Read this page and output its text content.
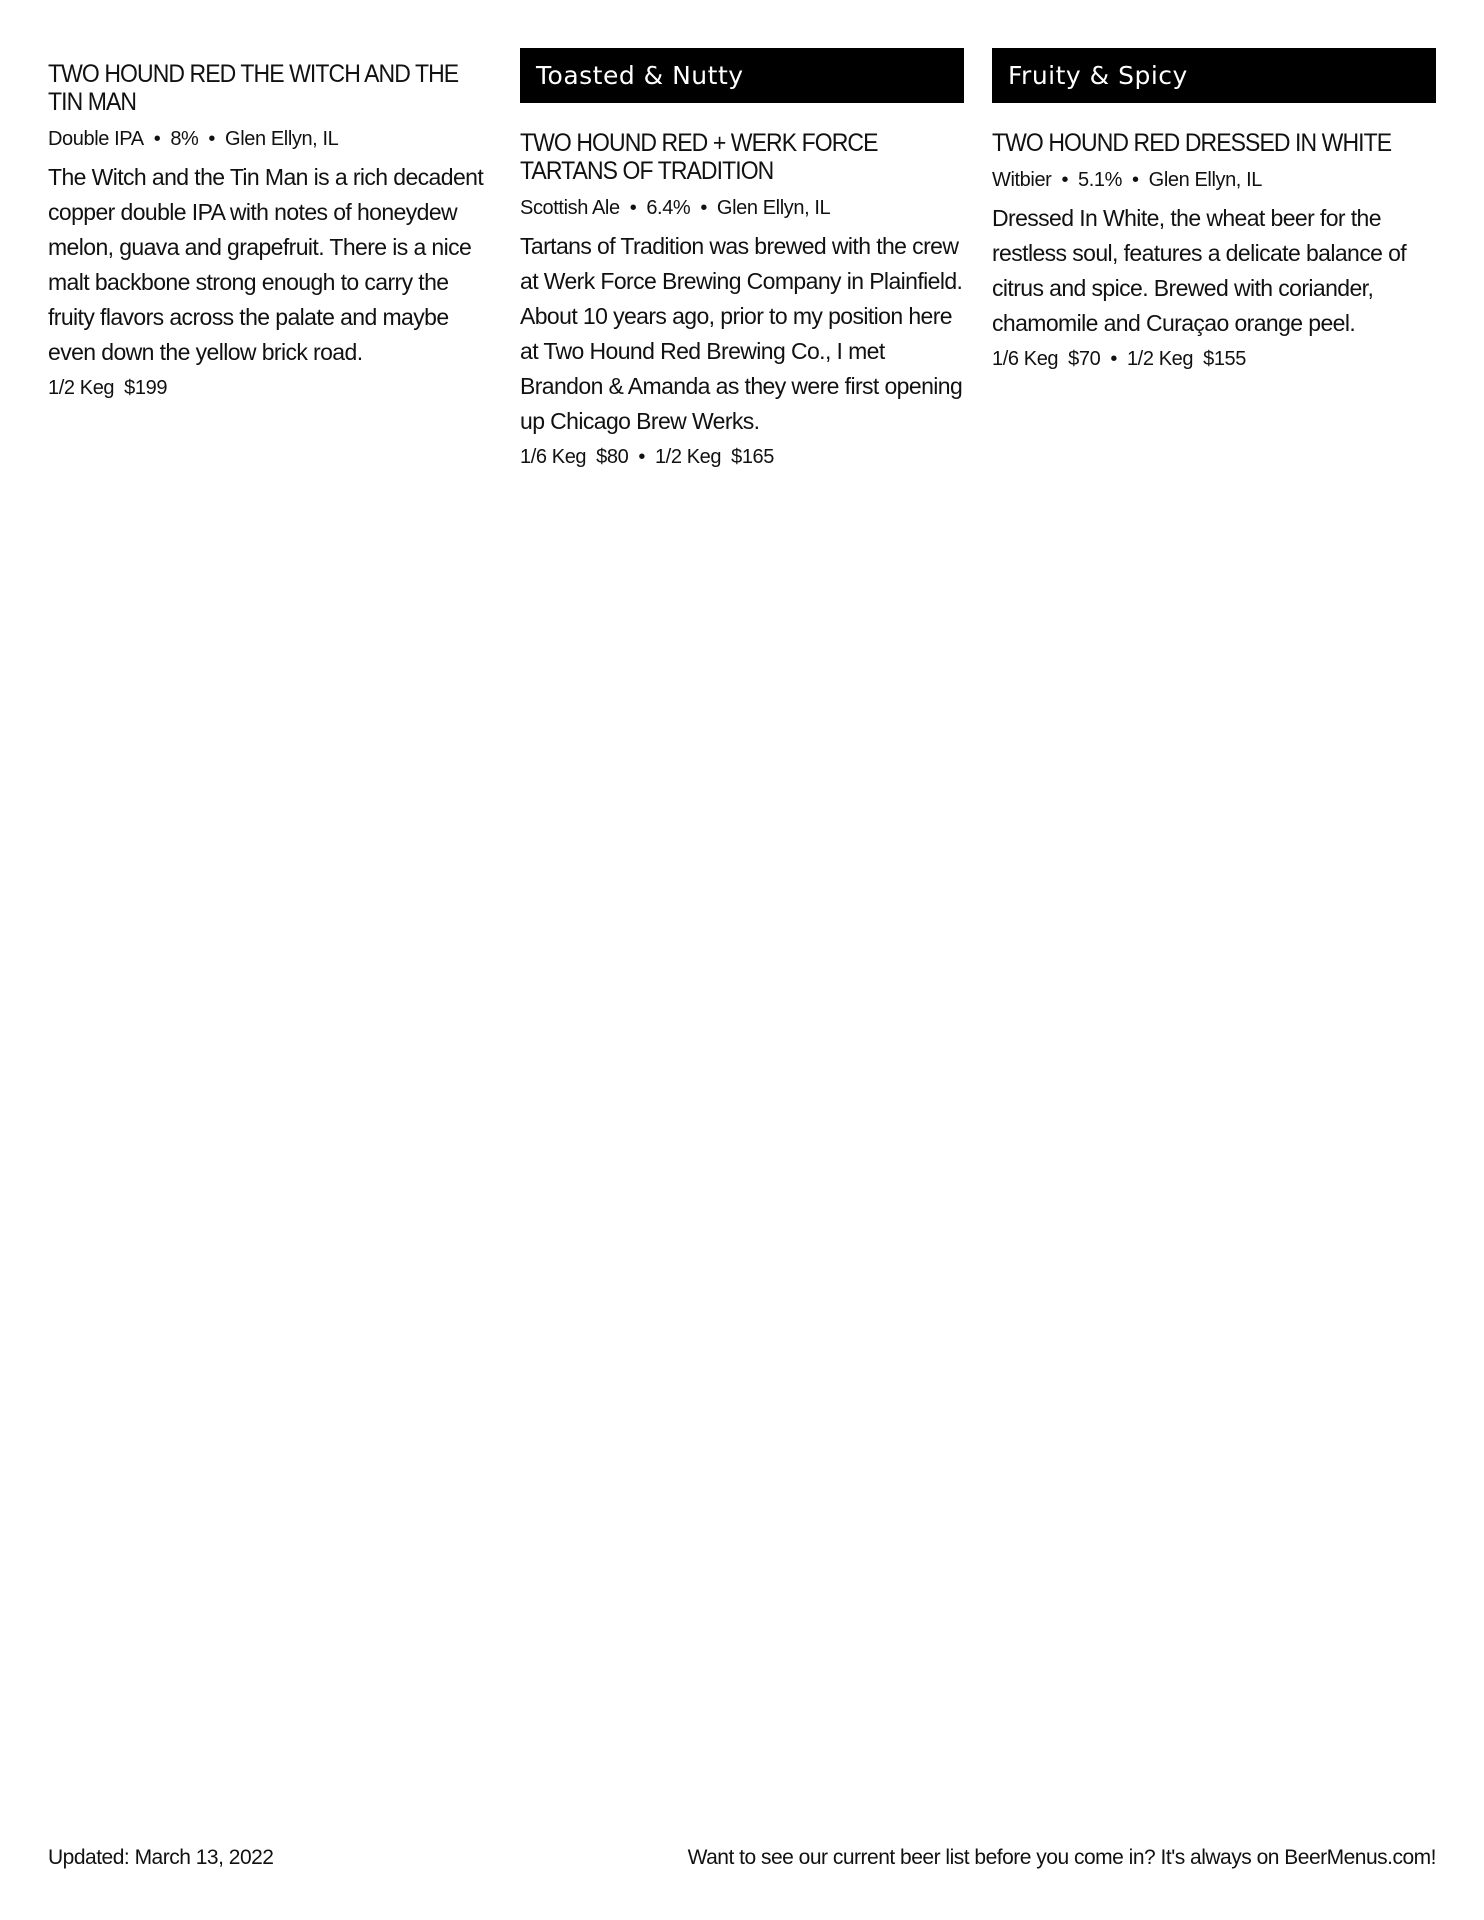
TWO HOUND RED THE WITCH AND THE TIN MAN
Double IPA • 8% • Glen Ellyn, IL
The Witch and the Tin Man is a rich decadent copper double IPA with notes of honeydew melon, guava and grapefruit. There is a nice malt backbone strong enough to carry the fruity flavors across the palate and maybe even down the yellow brick road.
1/2 Keg $199
Toasted & Nutty
TWO HOUND RED + WERK FORCE TARTANS OF TRADITION
Scottish Ale • 6.4% • Glen Ellyn, IL
Tartans of Tradition was brewed with the crew at Werk Force Brewing Company in Plainfield. About 10 years ago, prior to my position here at Two Hound Red Brewing Co., I met Brandon & Amanda as they were first opening up Chicago Brew Werks.
1/6 Keg $80 • 1/2 Keg $165
Fruity & Spicy
TWO HOUND RED DRESSED IN WHITE
Witbier • 5.1% • Glen Ellyn, IL
Dressed In White, the wheat beer for the restless soul, features a delicate balance of citrus and spice. Brewed with coriander, chamomile and Curaçao orange peel.
1/6 Keg $70 • 1/2 Keg $155
Updated: March 13, 2022	Want to see our current beer list before you come in? It's always on BeerMenus.com!
